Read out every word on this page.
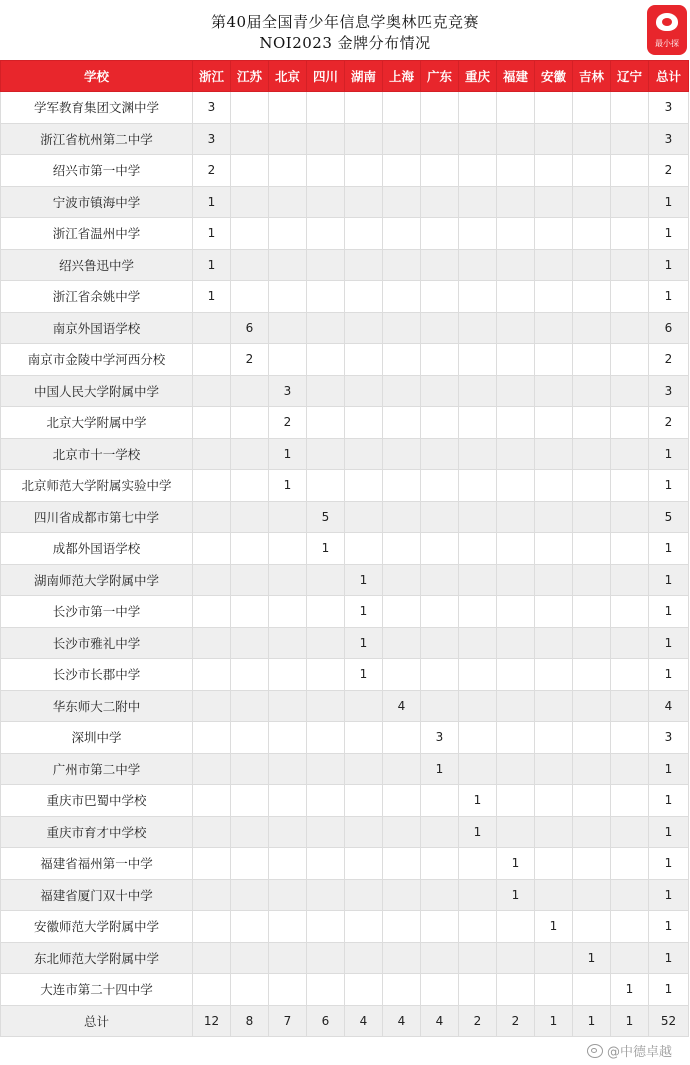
第40届全国青少年信息学奥林匹克竞赛
NOI2023 金牌分布情况	最小探
学校	浙江	江苏	北京	四川	湖南	上海	广东	重庆	福建	安徽	吉林	辽宁	总计
学军教育集团文渊中学	3												3
浙江省杭州第二中学	3												3
绍兴市第一中学	2												2
宁波市镇海中学	1												1
浙江省温州中学	1												1
绍兴鲁迅中学	1												1
浙江省余姚中学	1												1
南京外国语学校		6											6
南京市金陵中学河西分校		2											2
中国人民大学附属中学			3										3
北京大学附属中学			2										2
北京市十一学校			1										1
北京师范大学附属实验中学			1										1
四川省成都市第七中学				5									5
成都外国语学校				1									1
湖南师范大学附属中学					1								1
长沙市第一中学					1								1
长沙市雅礼中学					1								1
长沙市长郡中学					1								1
华东师大二附中						4							4
深圳中学							3						3
广州市第二中学							1						1
重庆市巴蜀中学校								1					1
重庆市育才中学校								1					1
福建省福州第一中学									1				1
福建省厦门双十中学									1				1
安徽师范大学附属中学										1			1
东北师范大学附属中学											1		1
大连市第二十四中学												1	1
总计	12	8	7	6	4	4	4	2	2	1	1	1	52
@中德卓越
